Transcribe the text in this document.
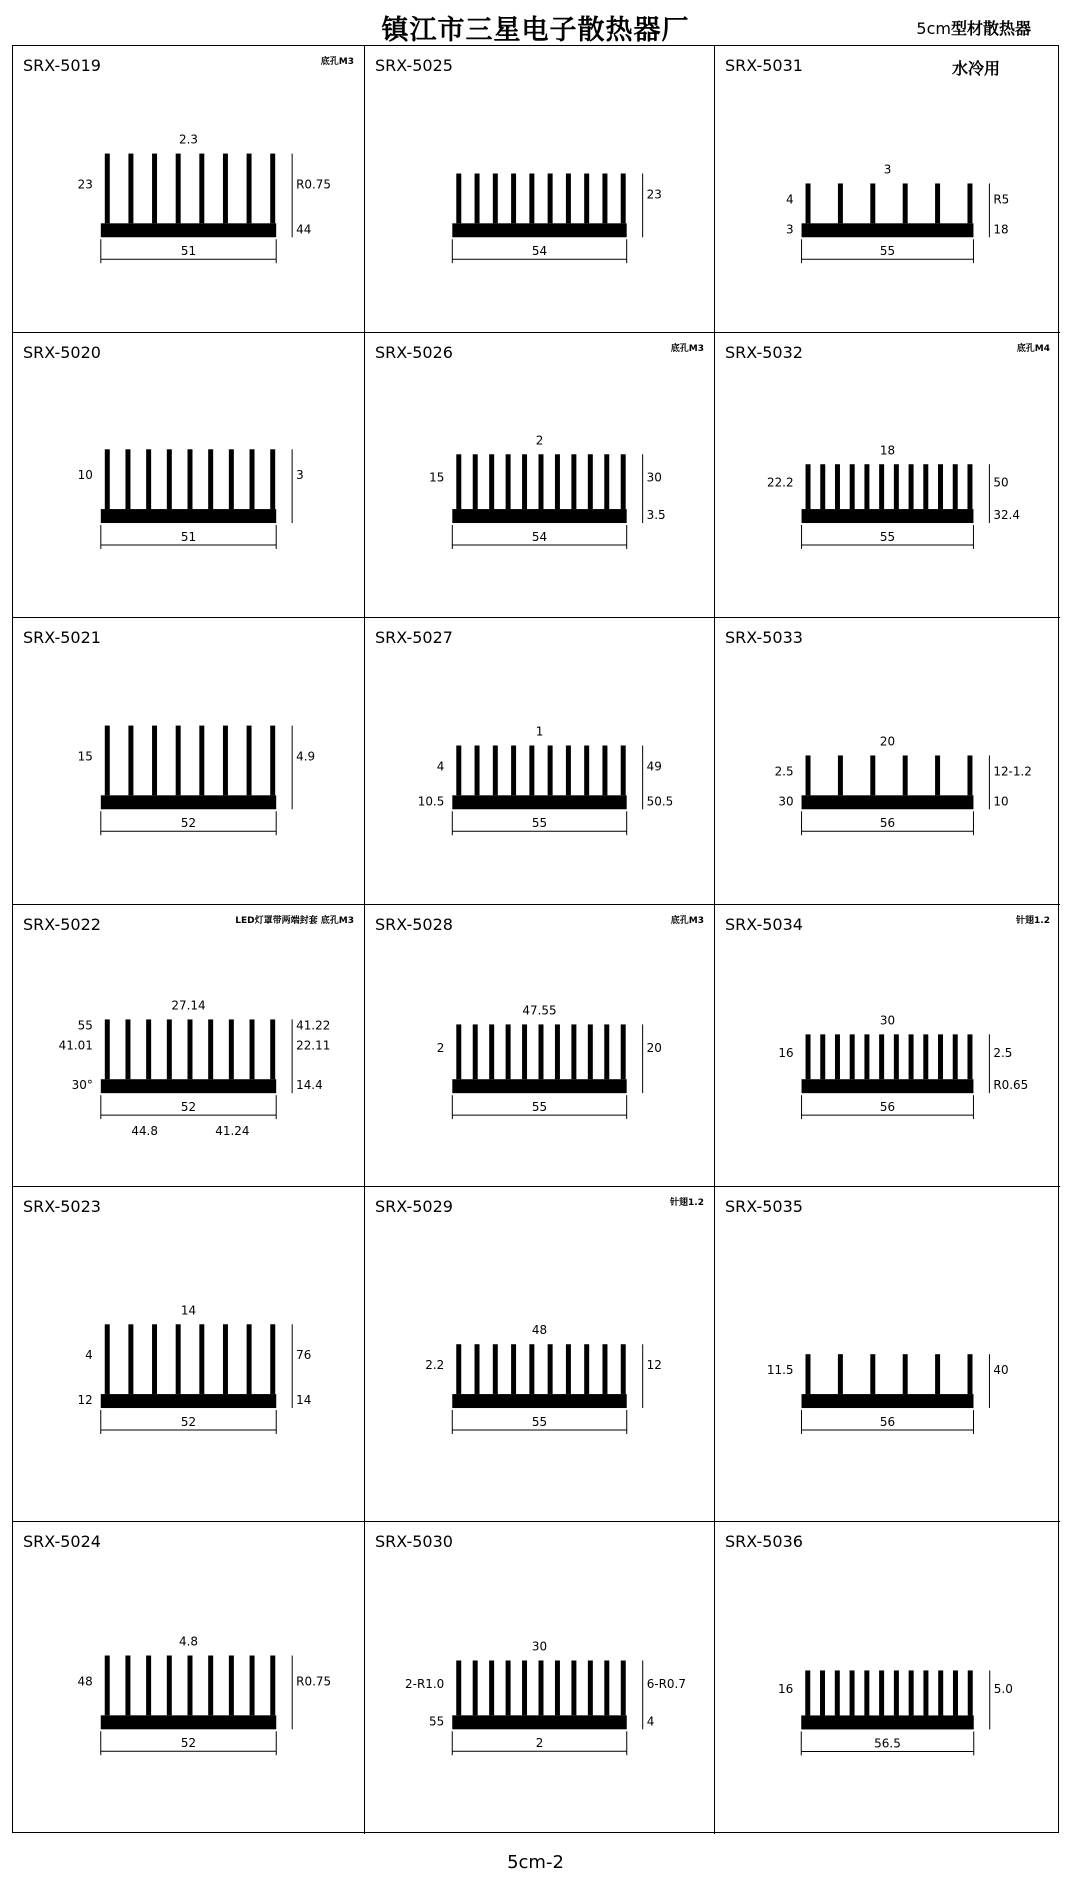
镇江市三星电子散热器厂	5cm型材散热器
51
R0.75
23
2.3
44
SRX-5019	底孔M3
54
23
SRX-5025
55
R5
4
3
18
3
SRX-5031	水冷用
51
3
10
SRX-5020
54
30
15
2
3.5
SRX-5026	底孔M3
55
50
22.2
18
32.4
SRX-5032	底孔M4
52
4.9
15
SRX-5021
55
49
4
1
50.5
10.5
SRX-5027
56
12-1.2
2.5
20
10
30
SRX-5033
52
22.11
41.01
27.14
14.4
30°
44.8	41.24
55	41.22
SRX-5022	LED灯罩带两端封套 底孔M3
55
20
2
47.55
SRX-5028	底孔M3
56
2.5
16
30
R0.65
SRX-5034	针翅1.2
52
76
4
14
14
12
SRX-5023
55
12
2.2
48
SRX-5029	针翅1.2
56
40
11.5
SRX-5035
52
R0.75
48
4.8
SRX-5024
2
6-R0.7
2-R1.0
30
4
55
SRX-5030
56.5
5.0
16
SRX-5036
5cm-2
